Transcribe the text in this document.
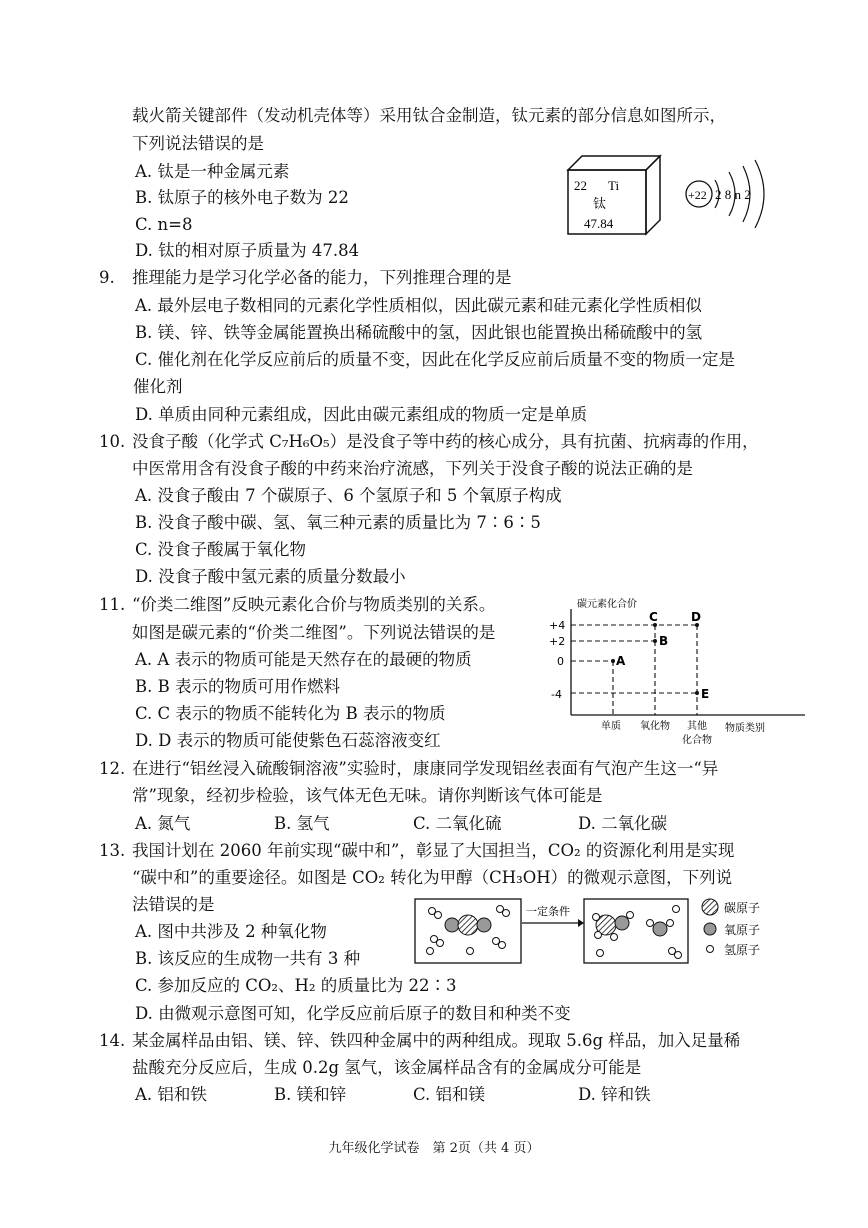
载火箭关键部件（发动机壳体等）采用钛合金制造，钛元素的部分信息如图所示，
下列说法错误的是
A. 钛是一种金属元素
B. 钛原子的核外电子数为 22
C. n=8
D. 钛的相对原子质量为 47.84
22 Ti
钛
47.84
+22 2 8 n 2
9. 推理能力是学习化学必备的能力，下列推理合理的是
A. 最外层电子数相同的元素化学性质相似，因此碳元素和硅元素化学性质相似
B. 镁、锌、铁等金属能置换出稀硫酸中的氢，因此银也能置换出稀硫酸中的氢
C. 催化剂在化学反应前后的质量不变，因此在化学反应前后质量不变的物质一定是
催化剂
D. 单质由同种元素组成，因此由碳元素组成的物质一定是单质
10. 没食子酸（化学式 C₇H₆O₅）是没食子等中药的核心成分，具有抗菌、抗病毒的作用，
中医常用含有没食子酸的中药来治疗流感，下列关于没食子酸的说法正确的是
A. 没食子酸由 7 个碳原子、6 个氢原子和 5 个氧原子构成
B. 没食子酸中碳、氢、氧三种元素的质量比为 7∶6∶5
C. 没食子酸属于氧化物
D. 没食子酸中氢元素的质量分数最小
11. “价类二维图”反映元素化合价与物质类别的关系。
如图是碳元素的“价类二维图”。下列说法错误的是
A. A 表示的物质可能是天然存在的最硬的物质
B. B 表示的物质可用作燃料
C. C 表示的物质不能转化为 B 表示的物质
D. D 表示的物质可能使紫色石蕊溶液变红
碳元素化合价
物质类别
+4
+2
0
-4
单质 氧化物 其他
化合物
A
B
C	D
E
12. 在进行“铝丝浸入硫酸铜溶液”实验时，康康同学发现铝丝表面有气泡产生这一“异
常”现象，经初步检验，该气体无色无味。请你判断该气体可能是
A. 氮气	B. 氢气	C. 二氧化硫	D. 二氧化碳
13. 我国计划在 2060 年前实现“碳中和”，彰显了大国担当，CO₂ 的资源化利用是实现
“碳中和”的重要途径。如图是 CO₂ 转化为甲醇（CH₃OH）的微观示意图，下列说
法错误的是
A. 图中共涉及 2 种氧化物
B. 该反应的生成物一共有 3 种
C. 参加反应的 CO₂、H₂ 的质量比为 22∶3
D. 由微观示意图可知，化学反应前后原子的数目和种类不变
一定条件	碳原子
氧原子
氢原子
14. 某金属样品由铝、镁、锌、铁四种金属中的两种组成。现取 5.6g 样品，加入足量稀
盐酸充分反应后，生成 0.2g 氢气，该金属样品含有的金属成分可能是
A. 铝和铁	B. 镁和锌	C. 铝和镁	D. 锌和铁
九年级化学试卷　第 2页（共 4 页）
